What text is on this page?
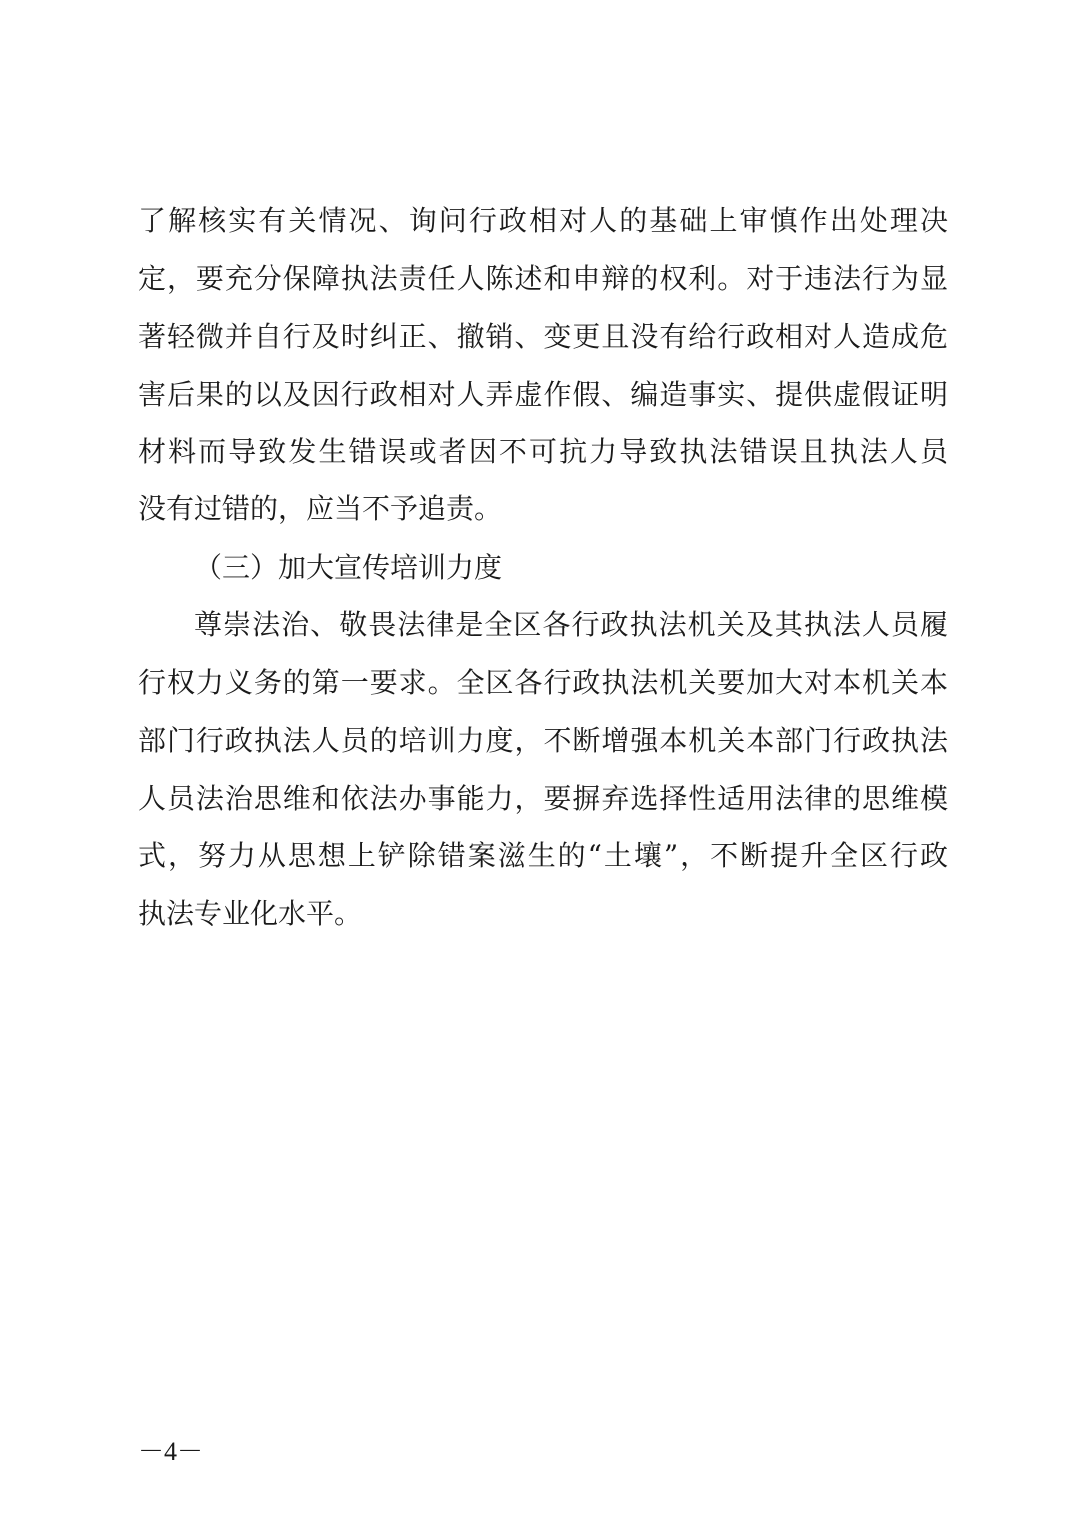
了解核实有关情况、询问行政相对人的基础上审慎作出处理决
定，要充分保障执法责任人陈述和申辩的权利。对于违法行为显
著轻微并自行及时纠正、撤销、变更且没有给行政相对人造成危
害后果的以及因行政相对人弄虚作假、编造事实、提供虚假证明
材料而导致发生错误或者因不可抗力导致执法错误且执法人员
没有过错的，应当不予追责。
（三）加大宣传培训力度
尊崇法治、敬畏法律是全区各行政执法机关及其执法人员履
行权力义务的第一要求。全区各行政执法机关要加大对本机关本
部门行政执法人员的培训力度，不断增强本机关本部门行政执法
人员法治思维和依法办事能力，要摒弃选择性适用法律的思维模
式，努力从思想上铲除错案滋生的“土壤”，不断提升全区行政
执法专业化水平。
－4－
